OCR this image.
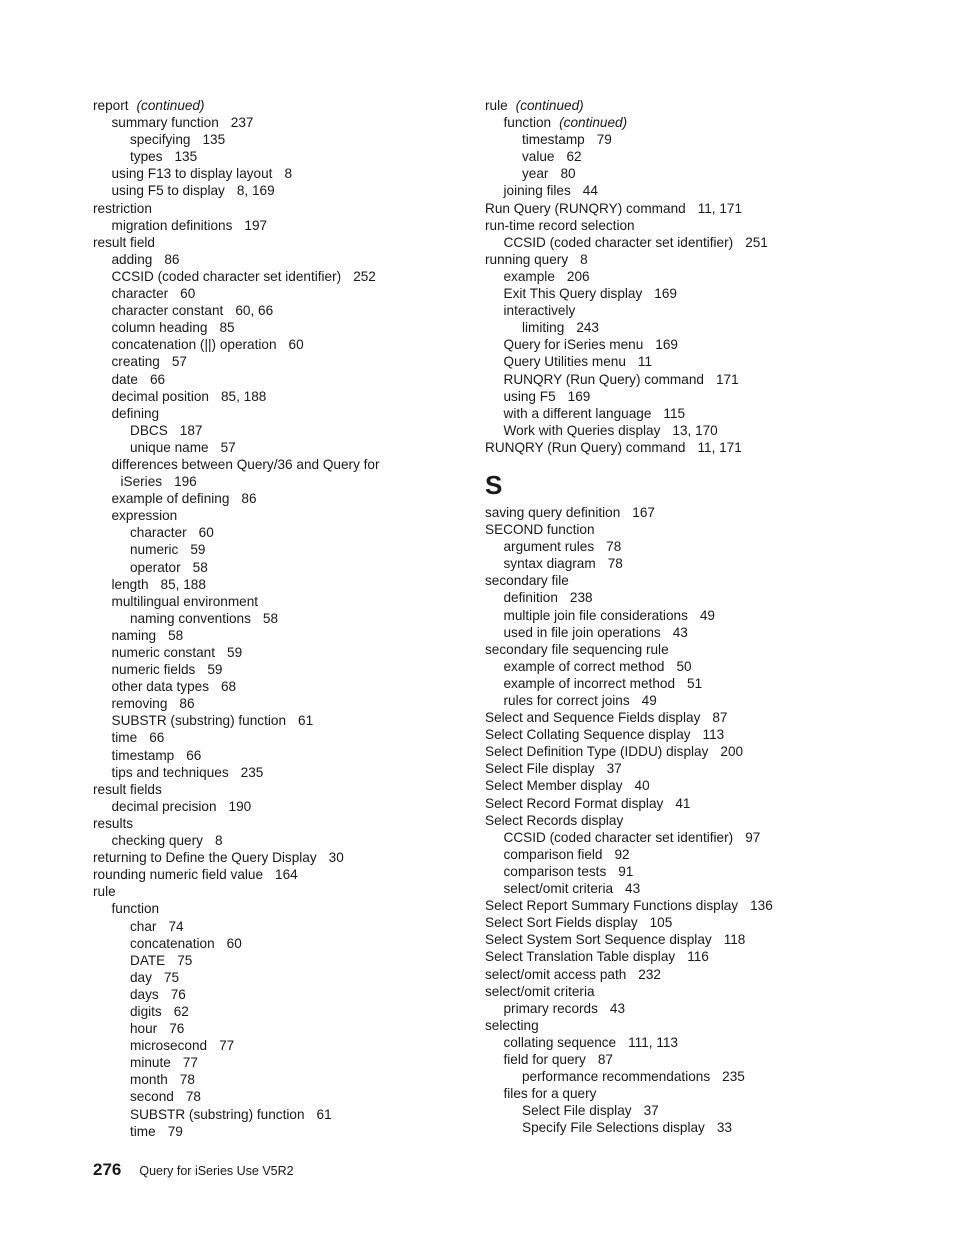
report (continued)
summary function 237
specifying 135
types 135
using F13 to display layout 8
using F5 to display 8, 169
restriction
migration definitions 197
result field
adding 86
CCSID (coded character set identifier) 252
character 60
character constant 60, 66
column heading 85
concatenation (||) operation 60
creating 57
date 66
decimal position 85, 188
defining
DBCS 187
unique name 57
differences between Query/36 and Query for iSeries 196
example of defining 86
expression
character 60
numeric 59
operator 58
length 85, 188
multilingual environment
naming conventions 58
naming 58
numeric constant 59
numeric fields 59
other data types 68
removing 86
SUBSTR (substring) function 61
time 66
timestamp 66
tips and techniques 235
result fields
decimal precision 190
results
checking query 8
returning to Define the Query Display 30
rounding numeric field value 164
rule
function
char 74
concatenation 60
DATE 75
day 75
days 76
digits 62
hour 76
microsecond 77
minute 77
month 78
second 78
SUBSTR (substring) function 61
time 79
rule (continued)
function (continued)
timestamp 79
value 62
year 80
joining files 44
Run Query (RUNQRY) command 11, 171
run-time record selection
CCSID (coded character set identifier) 251
running query 8
example 206
Exit This Query display 169
interactively
limiting 243
Query for iSeries menu 169
Query Utilities menu 11
RUNQRY (Run Query) command 171
using F5 169
with a different language 115
Work with Queries display 13, 170
RUNQRY (Run Query) command 11, 171
S
saving query definition 167
SECOND function
argument rules 78
syntax diagram 78
secondary file
definition 238
multiple join file considerations 49
used in file join operations 43
secondary file sequencing rule
example of correct method 50
example of incorrect method 51
rules for correct joins 49
Select and Sequence Fields display 87
Select Collating Sequence display 113
Select Definition Type (IDDU) display 200
Select File display 37
Select Member display 40
Select Record Format display 41
Select Records display
CCSID (coded character set identifier) 97
comparison field 92
comparison tests 91
select/omit criteria 43
Select Report Summary Functions display 136
Select Sort Fields display 105
Select System Sort Sequence display 118
Select Translation Table display 116
select/omit access path 232
select/omit criteria
primary records 43
selecting
collating sequence 111, 113
field for query 87
performance recommendations 235
files for a query
Select File display 37
Specify File Selections display 33
276 Query for iSeries Use V5R2
